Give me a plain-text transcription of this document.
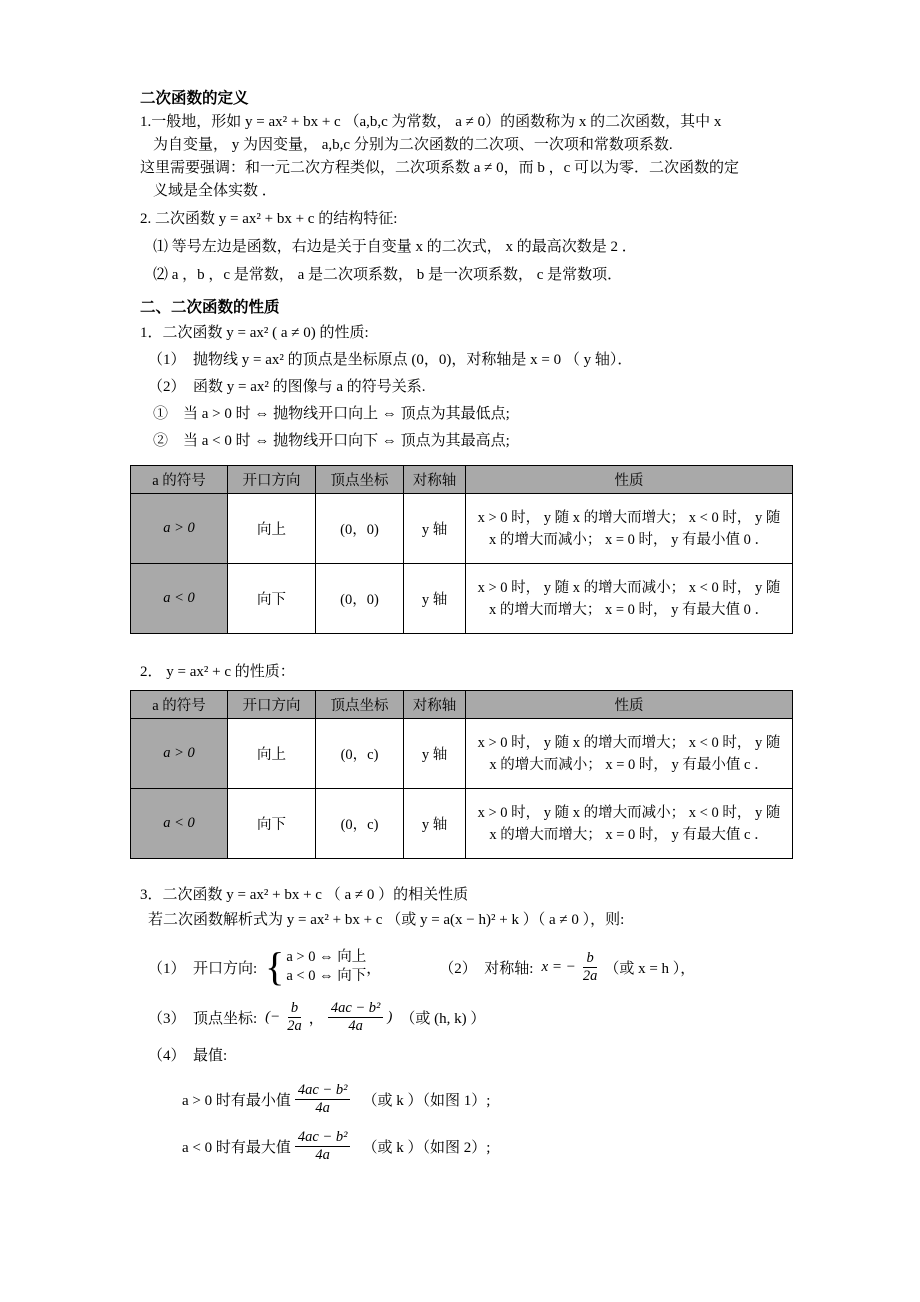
二次函数的定义
1.一般地，形如 y = ax² + bx + c （a,b,c 为常数， a ≠ 0）的函数称为 x 的二次函数，其中 x
为自变量， y 为因变量， a,b,c 分别为二次函数的二次项、一次项和常数项系数.
这里需要强调：和一元二次方程类似，二次项系数 a ≠ 0，而 b ，c 可以为零．二次函数的定
义域是全体实数 ．
2. 二次函数 y = ax² + bx + c 的结构特征:
⑴ 等号左边是函数，右边是关于自变量 x 的二次式， x 的最高次数是 2 ．
⑵ a ，b ，c 是常数， a 是二次项系数， b 是一次项系数， c 是常数项．
二、二次函数的性质
1．二次函数 y = ax² ( a ≠ 0) 的性质:
（1）　抛物线 y = ax² 的顶点是坐标原点 (0，0)，对称轴是 x = 0 （ y 轴）．
（2）　函数 y = ax² 的图像与 a 的符号关系.
①　当 a > 0 时 ⇔ 抛物线开口向上 ⇔ 顶点为其最低点;
②　当 a < 0 时 ⇔ 抛物线开口向下 ⇔ 顶点为其最高点;
a 的符号	开口方向	顶点坐标	对称轴	性质
a > 0	向上	(0，0)	y 轴	x > 0 时， y 随 x 的增大而增大； x < 0 时， y 随 x 的增大而减小； x = 0 时， y 有最小值 0 ．
a < 0	向下	(0，0)	y 轴	x > 0 时， y 随 x 的增大而减小； x < 0 时， y 随 x 的增大而增大； x = 0 时， y 有最大值 0 ．
2． y = ax² + c 的性质：
a 的符号	开口方向	顶点坐标	对称轴	性质
a > 0	向上	(0，c)	y 轴	x > 0 时， y 随 x 的增大而增大； x < 0 时， y 随 x 的增大而减小； x = 0 时， y 有最小值 c ．
a < 0	向下	(0，c)	y 轴	x > 0 时， y 随 x 的增大而减小； x < 0 时， y 随 x 的增大而增大； x = 0 时， y 有最大值 c ．
3．二次函数 y = ax² + bx + c （ a ≠ 0 ）的相关性质
若二次函数解析式为 y = ax² + bx + c （或 y = a(x − h)² + k ）（ a ≠ 0 ），则:
（1）　开口方向: { a > 0 ⇔ 向上
a < 0 ⇔ 向下 ，	（2）　对称轴: x = − $\frac{b}{2a}$ （或 x = h ），
（3）　顶点坐标: (− $\frac{b}{2a}$ ， $\frac{\text{4ac − b²}}{4a}$ ) （或 (h, k) ）
（4）　最值:
a > 0 时有最小值 $\frac{\text{4ac − b²}}{4a}$ （或 k ）（如图 1）;
a < 0 时有最大值 $\frac{\text{4ac − b²}}{4a}$ （或 k ）（如图 2）;
